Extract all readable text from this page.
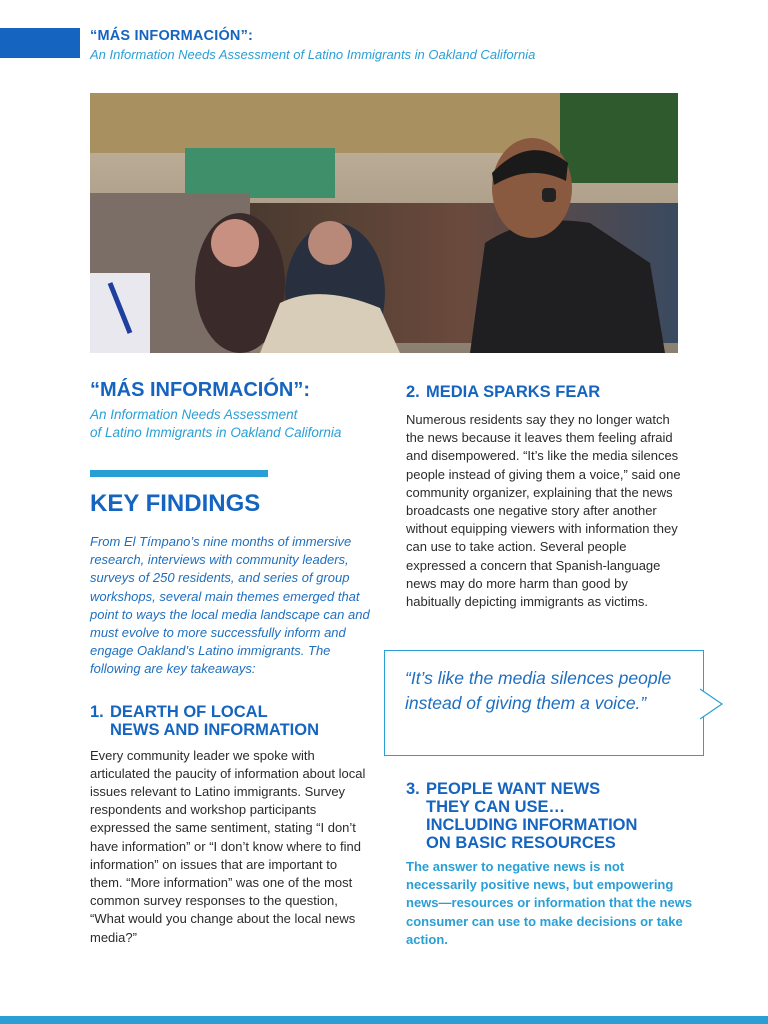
“MÁS INFORMACIÓN”:
An Information Needs Assessment of Latino Immigrants in Oakland California
“MÁS INFORMACIÓN”:
An Information Needs Assessment
of Latino Immigrants in Oakland California
KEY FINDINGS

From El Tímpano’s nine months of immersive research, interviews with community leaders, surveys of 250 residents, and series of group workshops, several main themes emerged that point to ways the local media landscape can and must evolve to more successfully inform and engage Oakland’s Latino immigrants. The following are key takeaways:

1. DEARTH OF LOCAL
NEWS AND INFORMATION

Every community leader we spoke with articulated the paucity of information about local issues relevant to Latino immigrants. Survey respondents and workshop participants expressed the same sentiment, stating “I don’t have information” or “I don’t know where to find information” on issues that are important to them. “More information” was one of the most common survey responses to the question, “What would you change about the local news media?”

2. MEDIA SPARKS FEAR

Numerous residents say they no longer watch the news because it leaves them feeling afraid and disempowered. “It’s like the media silences people instead of giving them a voice,” said one community organizer, explaining that the news broadcasts one negative story after another without equipping viewers with information they can use to take action. Several people expressed a concern that Spanish-language news may do more harm than good by habitually depicting immigrants as victims.

“It’s like the media silences people instead of giving them a voice.”
3. PEOPLE WANT NEWS
THEY CAN USE…
INCLUDING INFORMATION
ON BASIC RESOURCES

The answer to negative news is not necessarily positive news, but empowering news—resources or information that the news consumer can use to make decisions or take action.
